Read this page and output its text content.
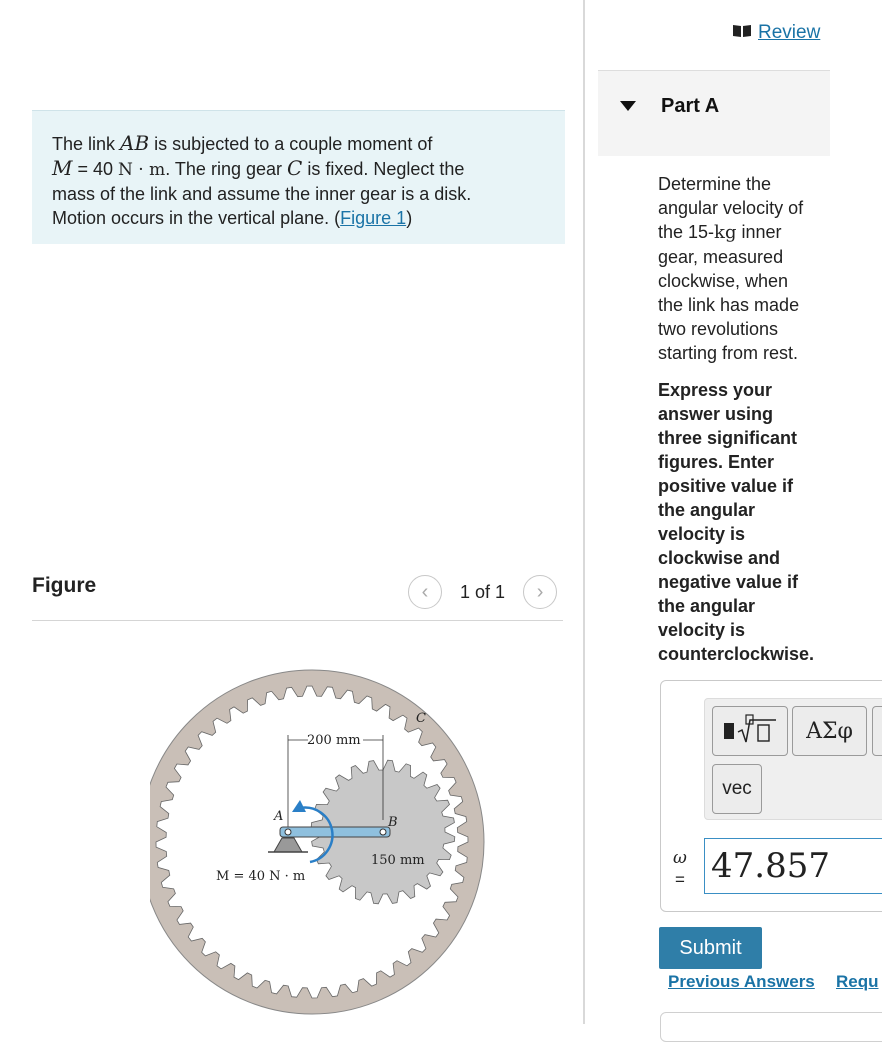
The link AB is subjected to a couple moment of
M = 40 N · m. The ring gear C is fixed. Neglect the
mass of the link and assume the inner gear is a disk.
Motion occurs in the vertical plane. (Figure 1)
Figure	‹ 1 of 1 ›
200 mm
A	B
C
150 mm
M = 40 N · m
Review
Part A
Determine the
angular velocity of
the 15-kg inner
gear, measured
clockwise, when
the link has made
two revolutions
starting from rest.
Express your
answer using
three significant
figures. Enter
positive value if
the angular
velocity is
clockwise and
negative value if
the angular
velocity is
counterclockwise.
ΑΣφ
vec
ω
= 47.857
Submit
Previous Answers Requ
